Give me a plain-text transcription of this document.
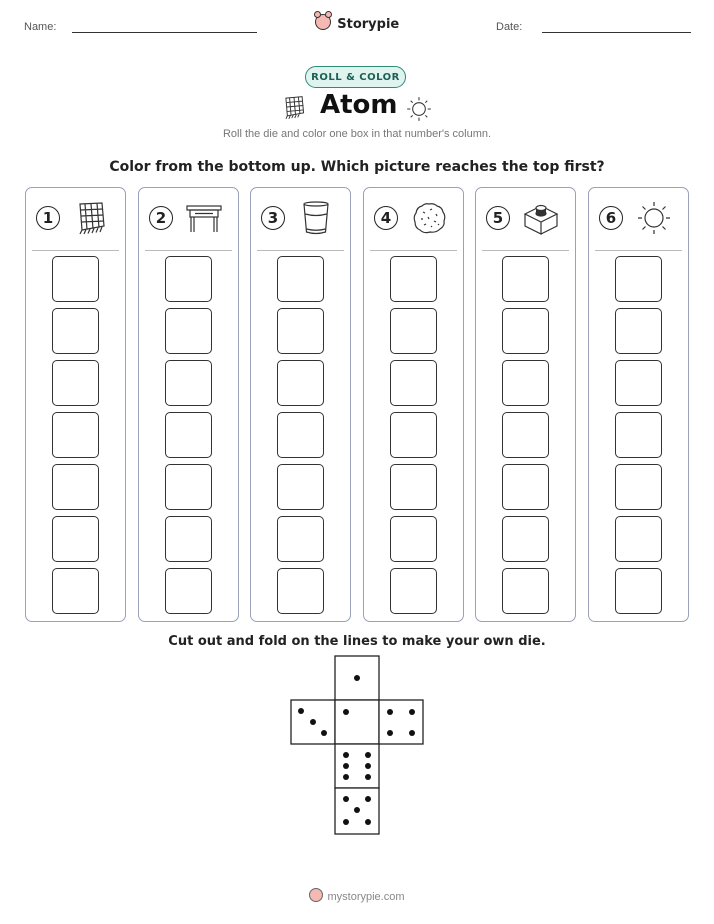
Name:	Storypie	Date:
ROLL & COLOR
Atom
Roll the die and color one box in that number's column.
Color from the bottom up. Which picture reaches the top first?
1	2	3	4	5	6
Cut out and fold on the lines to make your own die.
mystorypie.com
